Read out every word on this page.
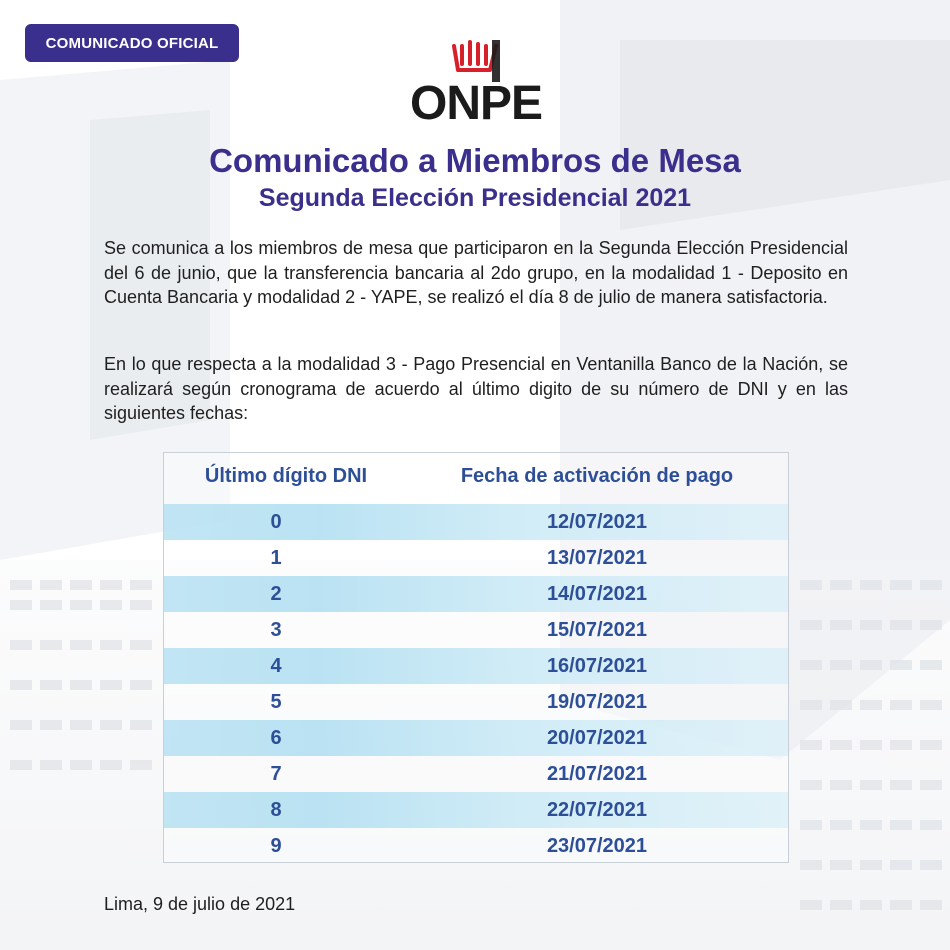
COMUNICADO OFICIAL
ONPE
Comunicado a Miembros de Mesa
Segunda Elección Presidencial 2021

Se comunica a los miembros de mesa que participaron en la Segunda Elección Presidencial del 6 de junio, que la transferencia bancaria al 2do grupo, en la modalidad 1 - Deposito en Cuenta Bancaria y modalidad 2 - YAPE, se realizó el día 8 de julio de manera satisfactoria.

En lo que respecta a la modalidad 3 - Pago Presencial en Ventanilla Banco de la Nación, se realizará según cronograma de acuerdo al último digito de su número de DNI y en las siguientes fechas:

Último dígito DNI	Fecha de activación de pago
0	12/07/2021
1	13/07/2021
2	14/07/2021
3	15/07/2021
4	16/07/2021
5	19/07/2021
6	20/07/2021
7	21/07/2021
8	22/07/2021
9	23/07/2021
Lima, 9 de julio de 2021
